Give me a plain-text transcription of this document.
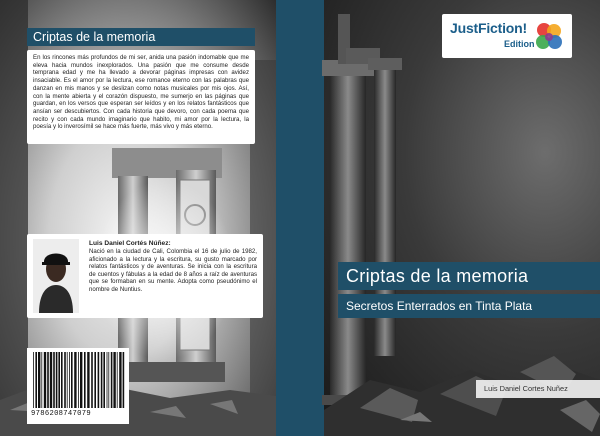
Criptas de la memoria
En los rincones más profundos de mi ser, anida una pasión indomable que me eleva hacia mundos inexplorados. Una pasión que me consume desde temprana edad y me ha llevado a devorar páginas impresas con avidez insaciable. Es el amor por la lectura, ese romance eterno con las palabras que danzan en mis manos y se deslizan como notas musicales por mis ojos. Así, con la mente abierta y el corazón dispuesto, me sumerjo en las páginas que guardan, en los versos que esperan ser leídos y en los relatos fantásticos que ansían ser descubiertos. Con cada historia que devoro, con cada poema que recito y con cada mundo imaginario que habito, mi amor por la lectura, la poesía y lo inverosímil se hace más fuerte, más vivo y más eterno.
Luis Daniel Cortés Núñez:
Nació en la ciudad de Cali, Colombia el 16 de julio de 1982, aficionado a la lectura y la escritura, su gusto marcado por relatos fantásticos y de aventuras. Se inicia con la escritura de cuentos y fábulas a la edad de 8 años a raíz de aventuras que se formaban en su mente. Adopta como pseudónimo el nombre de Nuntius.
9786208747079
JustFiction!
Edition
Criptas de la memoria
Secretos Enterrados en Tinta Plata
Luis Daniel Cortes Nuñez
